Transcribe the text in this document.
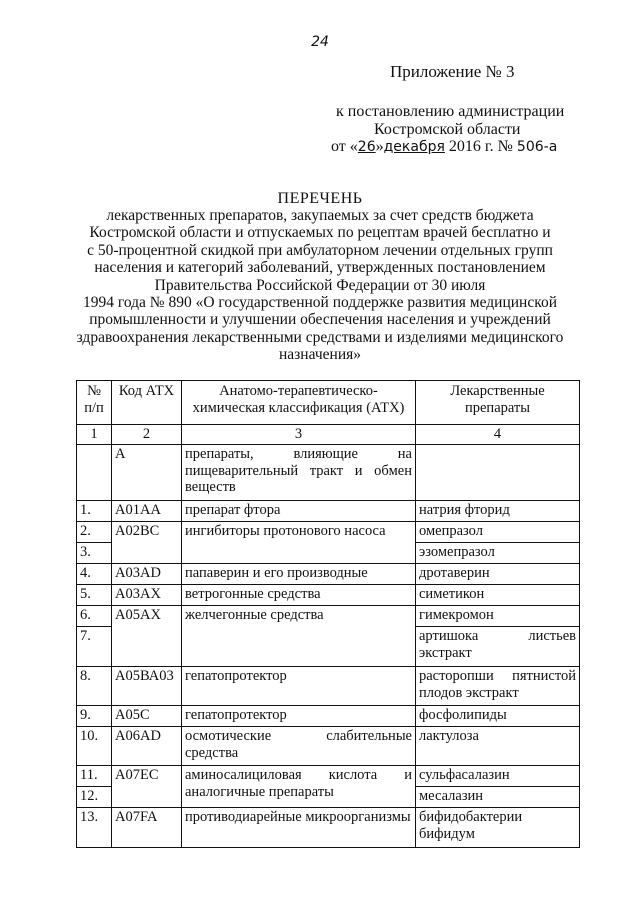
24
Приложение № 3
к постановлению администрации
Костромской области
от «26»декабря 2016 г. № 506-а
ПЕРЕЧЕНЬ
лекарственных препаратов, закупаемых за счет средств бюджета
Костромской области и отпускаемых по рецептам врачей бесплатно и
с 50-процентной скидкой при амбулаторном лечении отдельных групп
населения и категорий заболеваний, утвержденных постановлением
Правительства Российской Федерации от 30 июля
1994 года № 890 «О государственной поддержке развития медицинской
промышленности и улучшении обеспечения населения и учреждений
здравоохранения лекарственными средствами и изделиями медицинского
назначения»
№ п/п	Код АТХ	Анатомо-терапевтическо-химическая классификация (АТХ)	Лекарственные препараты
1	2	3	4
	А	препараты, влияющие на пищеварительный тракт и обмен веществ	
1.	А01АА	препарат фтора	натрия фторид
2.	А02ВС	ингибиторы протонового насоса	омепразол
3.			эзомепразол
4.	А03АD	папаверин и его производные	дротаверин
5.	А03АХ	ветрогонные средства	симетикон
6.	А05АХ	желчегонные средства	гимекромон
7.			артишока листьев экстракт
8.	А05ВА03	гепатопротектор	расторопши пятнистой плодов экстракт
9.	А05С	гепатопротектор	фосфолипиды
10.	А06АD	осмотические слабительные средства	лактулоза
11.	А07ЕС	аминосалициловая кислота и аналогичные препараты	сульфасалазин
12.			месалазин
13.	А07FA	противодиарейные микроорганизмы	бифидобактерии бифидум
